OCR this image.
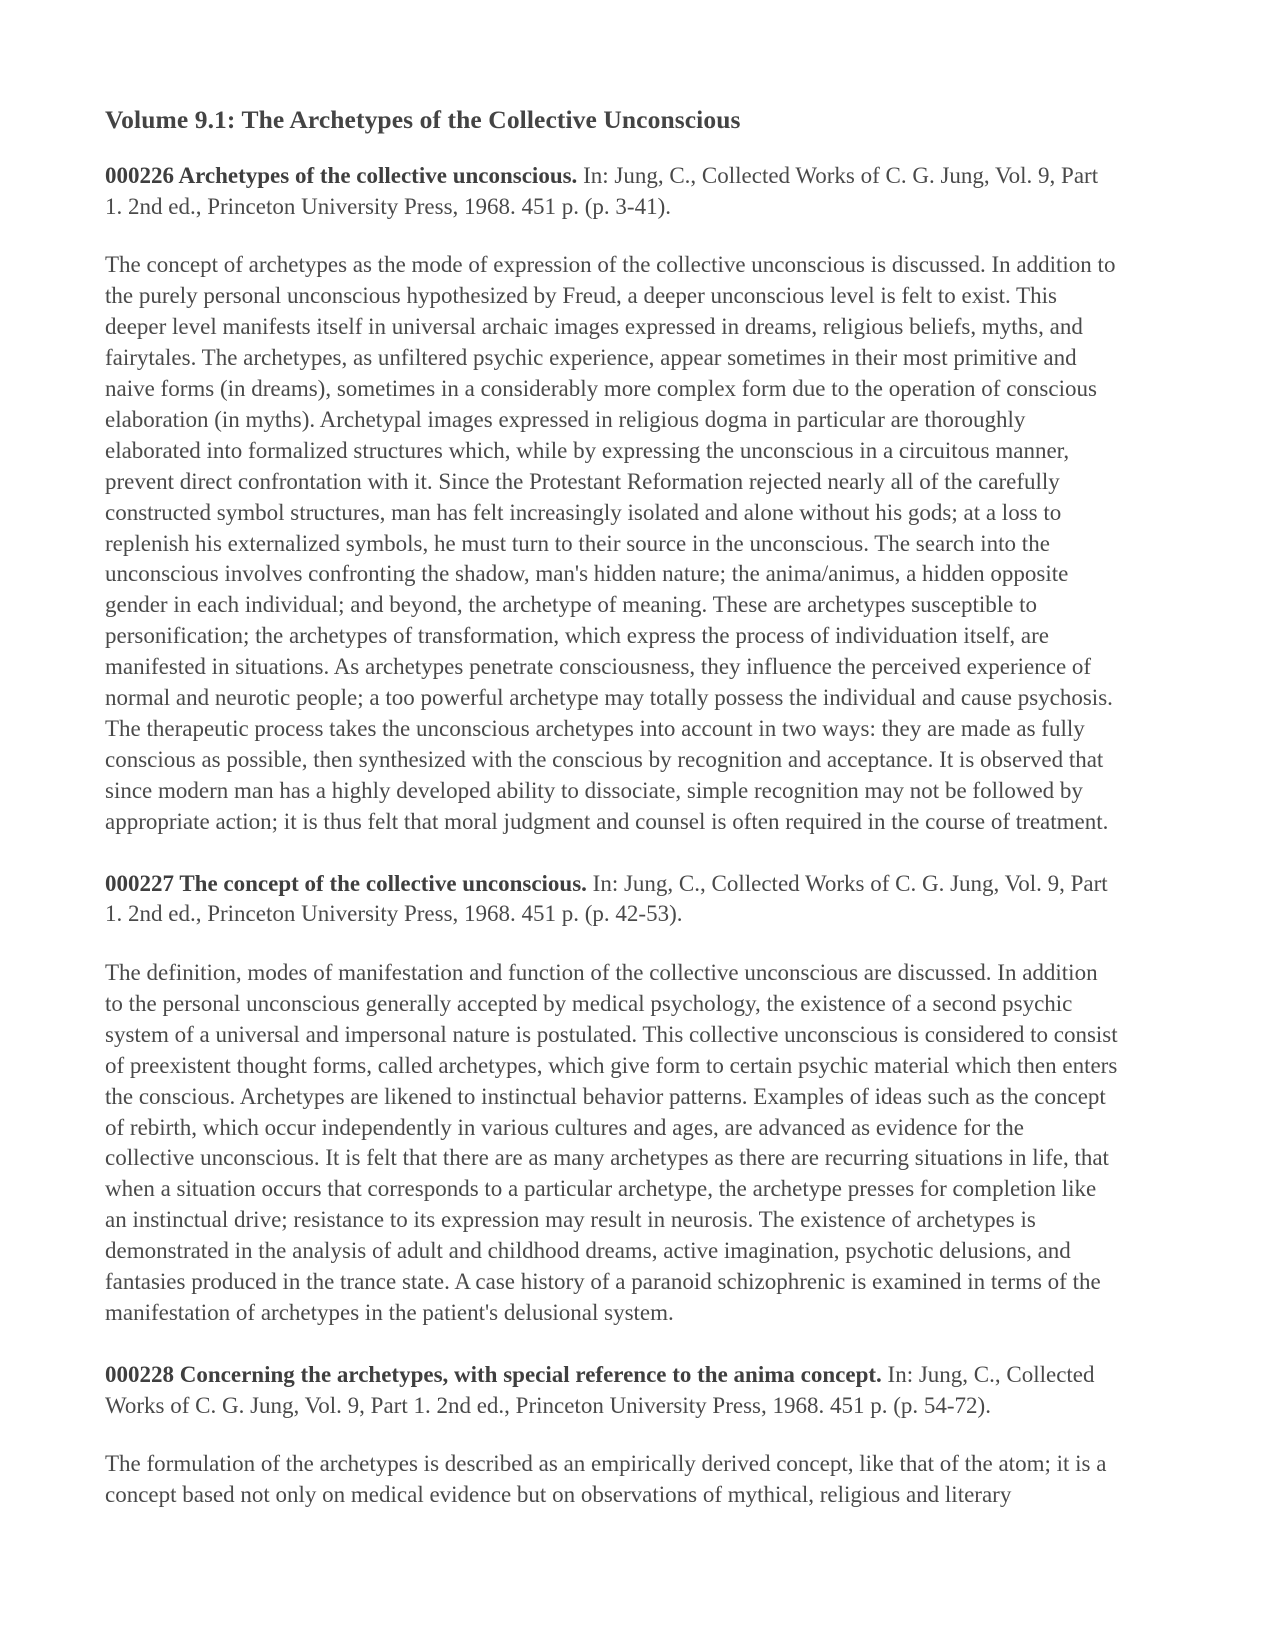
Volume 9.1: The Archetypes of the Collective Unconscious

000226 Archetypes of the collective unconscious. In: Jung, C., Collected Works of C. G. Jung, Vol. 9, Part 1. 2nd ed., Princeton University Press, 1968. 451 p. (p. 3-41).

The concept of archetypes as the mode of expression of the collective unconscious is discussed. In addition to the purely personal unconscious hypothesized by Freud, a deeper unconscious level is felt to exist. This deeper level manifests itself in universal archaic images expressed in dreams, religious beliefs, myths, and fairytales. The archetypes, as unfiltered psychic experience, appear sometimes in their most primitive and naive forms (in dreams), sometimes in a considerably more complex form due to the operation of conscious elaboration (in myths). Archetypal images expressed in religious dogma in particular are thoroughly elaborated into formalized structures which, while by expressing the unconscious in a circuitous manner, prevent direct confrontation with it. Since the Protestant Reformation rejected nearly all of the carefully constructed symbol structures, man has felt increasingly isolated and alone without his gods; at a loss to replenish his externalized symbols, he must turn to their source in the unconscious. The search into the unconscious involves confronting the shadow, man's hidden nature; the anima/animus, a hidden opposite gender in each individual; and beyond, the archetype of meaning. These are archetypes susceptible to personification; the archetypes of transformation, which express the process of individuation itself, are manifested in situations. As archetypes penetrate consciousness, they influence the perceived experience of normal and neurotic people; a too powerful archetype may totally possess the individual and cause psychosis. The therapeutic process takes the unconscious archetypes into account in two ways: they are made as fully conscious as possible, then synthesized with the conscious by recognition and acceptance. It is observed that since modern man has a highly developed ability to dissociate, simple recognition may not be followed by appropriate action; it is thus felt that moral judgment and counsel is often required in the course of treatment.

000227 The concept of the collective unconscious. In: Jung, C., Collected Works of C. G. Jung, Vol. 9, Part 1. 2nd ed., Princeton University Press, 1968. 451 p. (p. 42-53).

The definition, modes of manifestation and function of the collective unconscious are discussed. In addition to the personal unconscious generally accepted by medical psychology, the existence of a second psychic system of a universal and impersonal nature is postulated. This collective unconscious is considered to consist of preexistent thought forms, called archetypes, which give form to certain psychic material which then enters the conscious. Archetypes are likened to instinctual behavior patterns. Examples of ideas such as the concept of rebirth, which occur independently in various cultures and ages, are advanced as evidence for the collective unconscious. It is felt that there are as many archetypes as there are recurring situations in life, that when a situation occurs that corresponds to a particular archetype, the archetype presses for completion like an instinctual drive; resistance to its expression may result in neurosis. The existence of archetypes is demonstrated in the analysis of adult and childhood dreams, active imagination, psychotic delusions, and fantasies produced in the trance state. A case history of a paranoid schizophrenic is examined in terms of the manifestation of archetypes in the patient's delusional system.

000228 Concerning the archetypes, with special reference to the anima concept. In: Jung, C., Collected Works of C. G. Jung, Vol. 9, Part 1. 2nd ed., Princeton University Press, 1968. 451 p. (p. 54-72).

The formulation of the archetypes is described as an empirically derived concept, like that of the atom; it is a concept based not only on medical evidence but on observations of mythical, religious and literary
